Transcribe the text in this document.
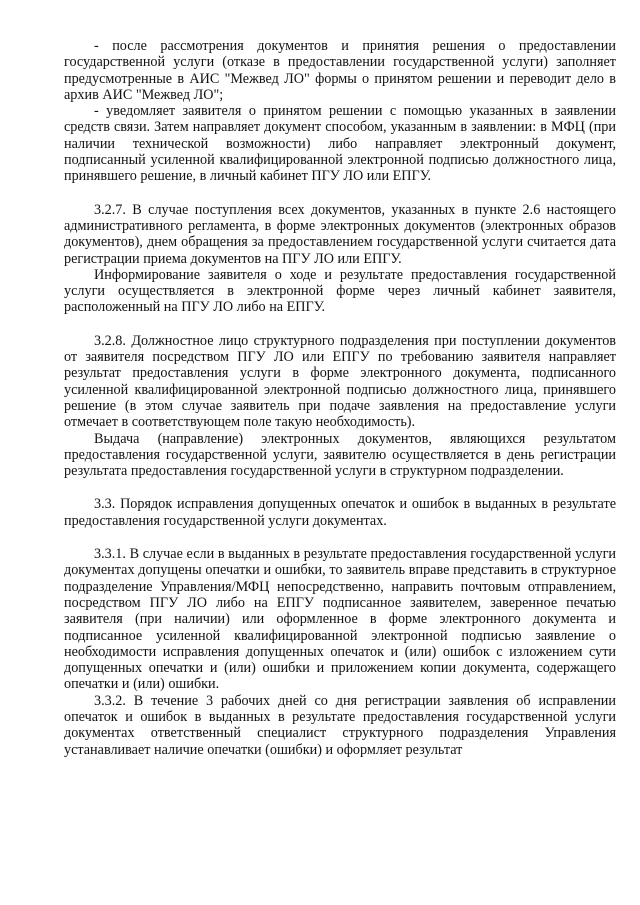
- после рассмотрения документов и принятия решения о предоставлении государственной услуги (отказе в предоставлении государственной услуги) заполняет предусмотренные в АИС "Межвед ЛО" формы о принятом решении и переводит дело в архив АИС "Межвед ЛО";

- уведомляет заявителя о принятом решении с помощью указанных в заявлении средств связи. Затем направляет документ способом, указанным в заявлении: в МФЦ (при наличии технической возможности) либо направляет электронный документ, подписанный усиленной квалифицированной электронной подписью должностного лица, принявшего решение, в личный кабинет ПГУ ЛО или ЕПГУ.

3.2.7. В случае поступления всех документов, указанных в пункте 2.6 настоящего административного регламента, в форме электронных документов (электронных образов документов), днем обращения за предоставлением государственной услуги считается дата регистрации приема документов на ПГУ ЛО или ЕПГУ.

Информирование заявителя о ходе и результате предоставления государственной услуги осуществляется в электронной форме через личный кабинет заявителя, расположенный на ПГУ ЛО либо на ЕПГУ.

3.2.8. Должностное лицо структурного подразделения при поступлении документов от заявителя посредством ПГУ ЛО или ЕПГУ по требованию заявителя направляет результат предоставления услуги в форме электронного документа, подписанного усиленной квалифицированной электронной подписью должностного лица, принявшего решение (в этом случае заявитель при подаче заявления на предоставление услуги отмечает в соответствующем поле такую необходимость).

Выдача (направление) электронных документов, являющихся результатом предоставления государственной услуги, заявителю осуществляется в день регистрации результата предоставления государственной услуги в структурном подразделении.

3.3. Порядок исправления допущенных опечаток и ошибок в выданных в результате предоставления государственной услуги документах.

3.3.1. В случае если в выданных в результате предоставления государственной услуги документах допущены опечатки и ошибки, то заявитель вправе представить в структурное подразделение Управления/МФЦ непосредственно, направить почтовым отправлением, посредством ПГУ ЛО либо на ЕПГУ подписанное заявителем, заверенное печатью заявителя (при наличии) или оформленное в форме электронного документа и подписанное усиленной квалифицированной электронной подписью заявление о необходимости исправления допущенных опечаток и (или) ошибок с изложением сути допущенных опечатки и (или) ошибки и приложением копии документа, содержащего опечатки и (или) ошибки.

3.3.2. В течение 3 рабочих дней со дня регистрации заявления об исправлении опечаток и ошибок в выданных в результате предоставления государственной услуги документах ответственный специалист структурного подразделения Управления устанавливает наличие опечатки (ошибки) и оформляет результат
